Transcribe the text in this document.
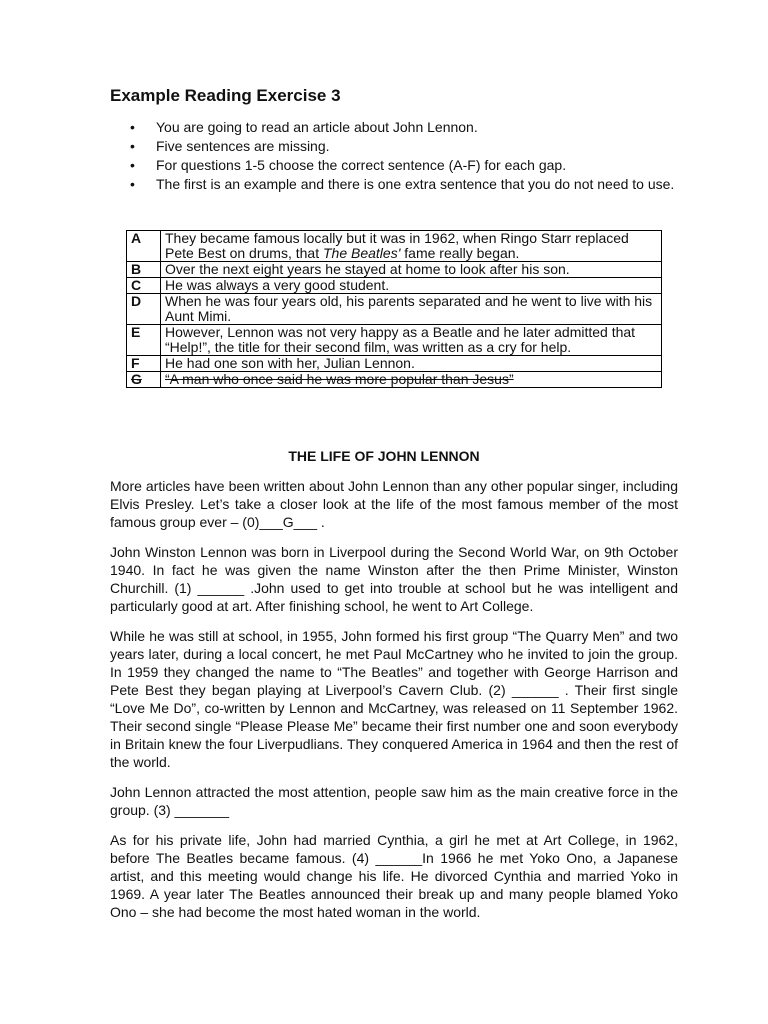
Example Reading Exercise 3
• You are going to read an article about John Lennon.
• Five sentences are missing.
• For questions 1-5 choose the correct sentence (A-F) for each gap.
• The first is an example and there is one extra sentence that you do not need to use.
A	They became famous locally but it was in 1962, when Ringo Starr replaced Pete Best on drums, that The Beatles' fame really began.
B	Over the next eight years he stayed at home to look after his son.
C	He was always a very good student.
D	When he was four years old, his parents separated and he went to live with his Aunt Mimi.
E	However, Lennon was not very happy as a Beatle and he later admitted that “Help!”, the title for their second film, was written as a cry for help.
F	He had one son with her, Julian Lennon.
G	“A man who once said he was more popular than Jesus”
THE LIFE OF JOHN LENNON

More articles have been written about John Lennon than any other popular singer, including Elvis Presley. Let’s take a closer look at the life of the most famous member of the most famous group ever – (0)___G___ .

John Winston Lennon was born in Liverpool during the Second World War, on 9th October 1940. In fact he was given the name Winston after the then Prime Minister, Winston Churchill. (1) ______ .John used to get into trouble at school but he was intelligent and particularly good at art. After finishing school, he went to Art College.

While he was still at school, in 1955, John formed his first group “The Quarry Men” and two years later, during a local concert, he met Paul McCartney who he invited to join the group. In 1959 they changed the name to “The Beatles” and together with George Harrison and Pete Best they began playing at Liverpool’s Cavern Club. (2) ______ . Their first single “Love Me Do”, co-written by Lennon and McCartney, was released on 11 September 1962. Their second single “Please Please Me” became their first number one and soon everybody in Britain knew the four Liverpudlians. They conquered America in 1964 and then the rest of the world.

John Lennon attracted the most attention, people saw him as the main creative force in the group. (3) _______

As for his private life, John had married Cynthia, a girl he met at Art College, in 1962, before The Beatles became famous. (4) ______In 1966 he met Yoko Ono, a Japanese artist, and this meeting would change his life. He divorced Cynthia and married Yoko in 1969. A year later The Beatles announced their break up and many people blamed Yoko Ono – she had become the most hated woman in the world.
